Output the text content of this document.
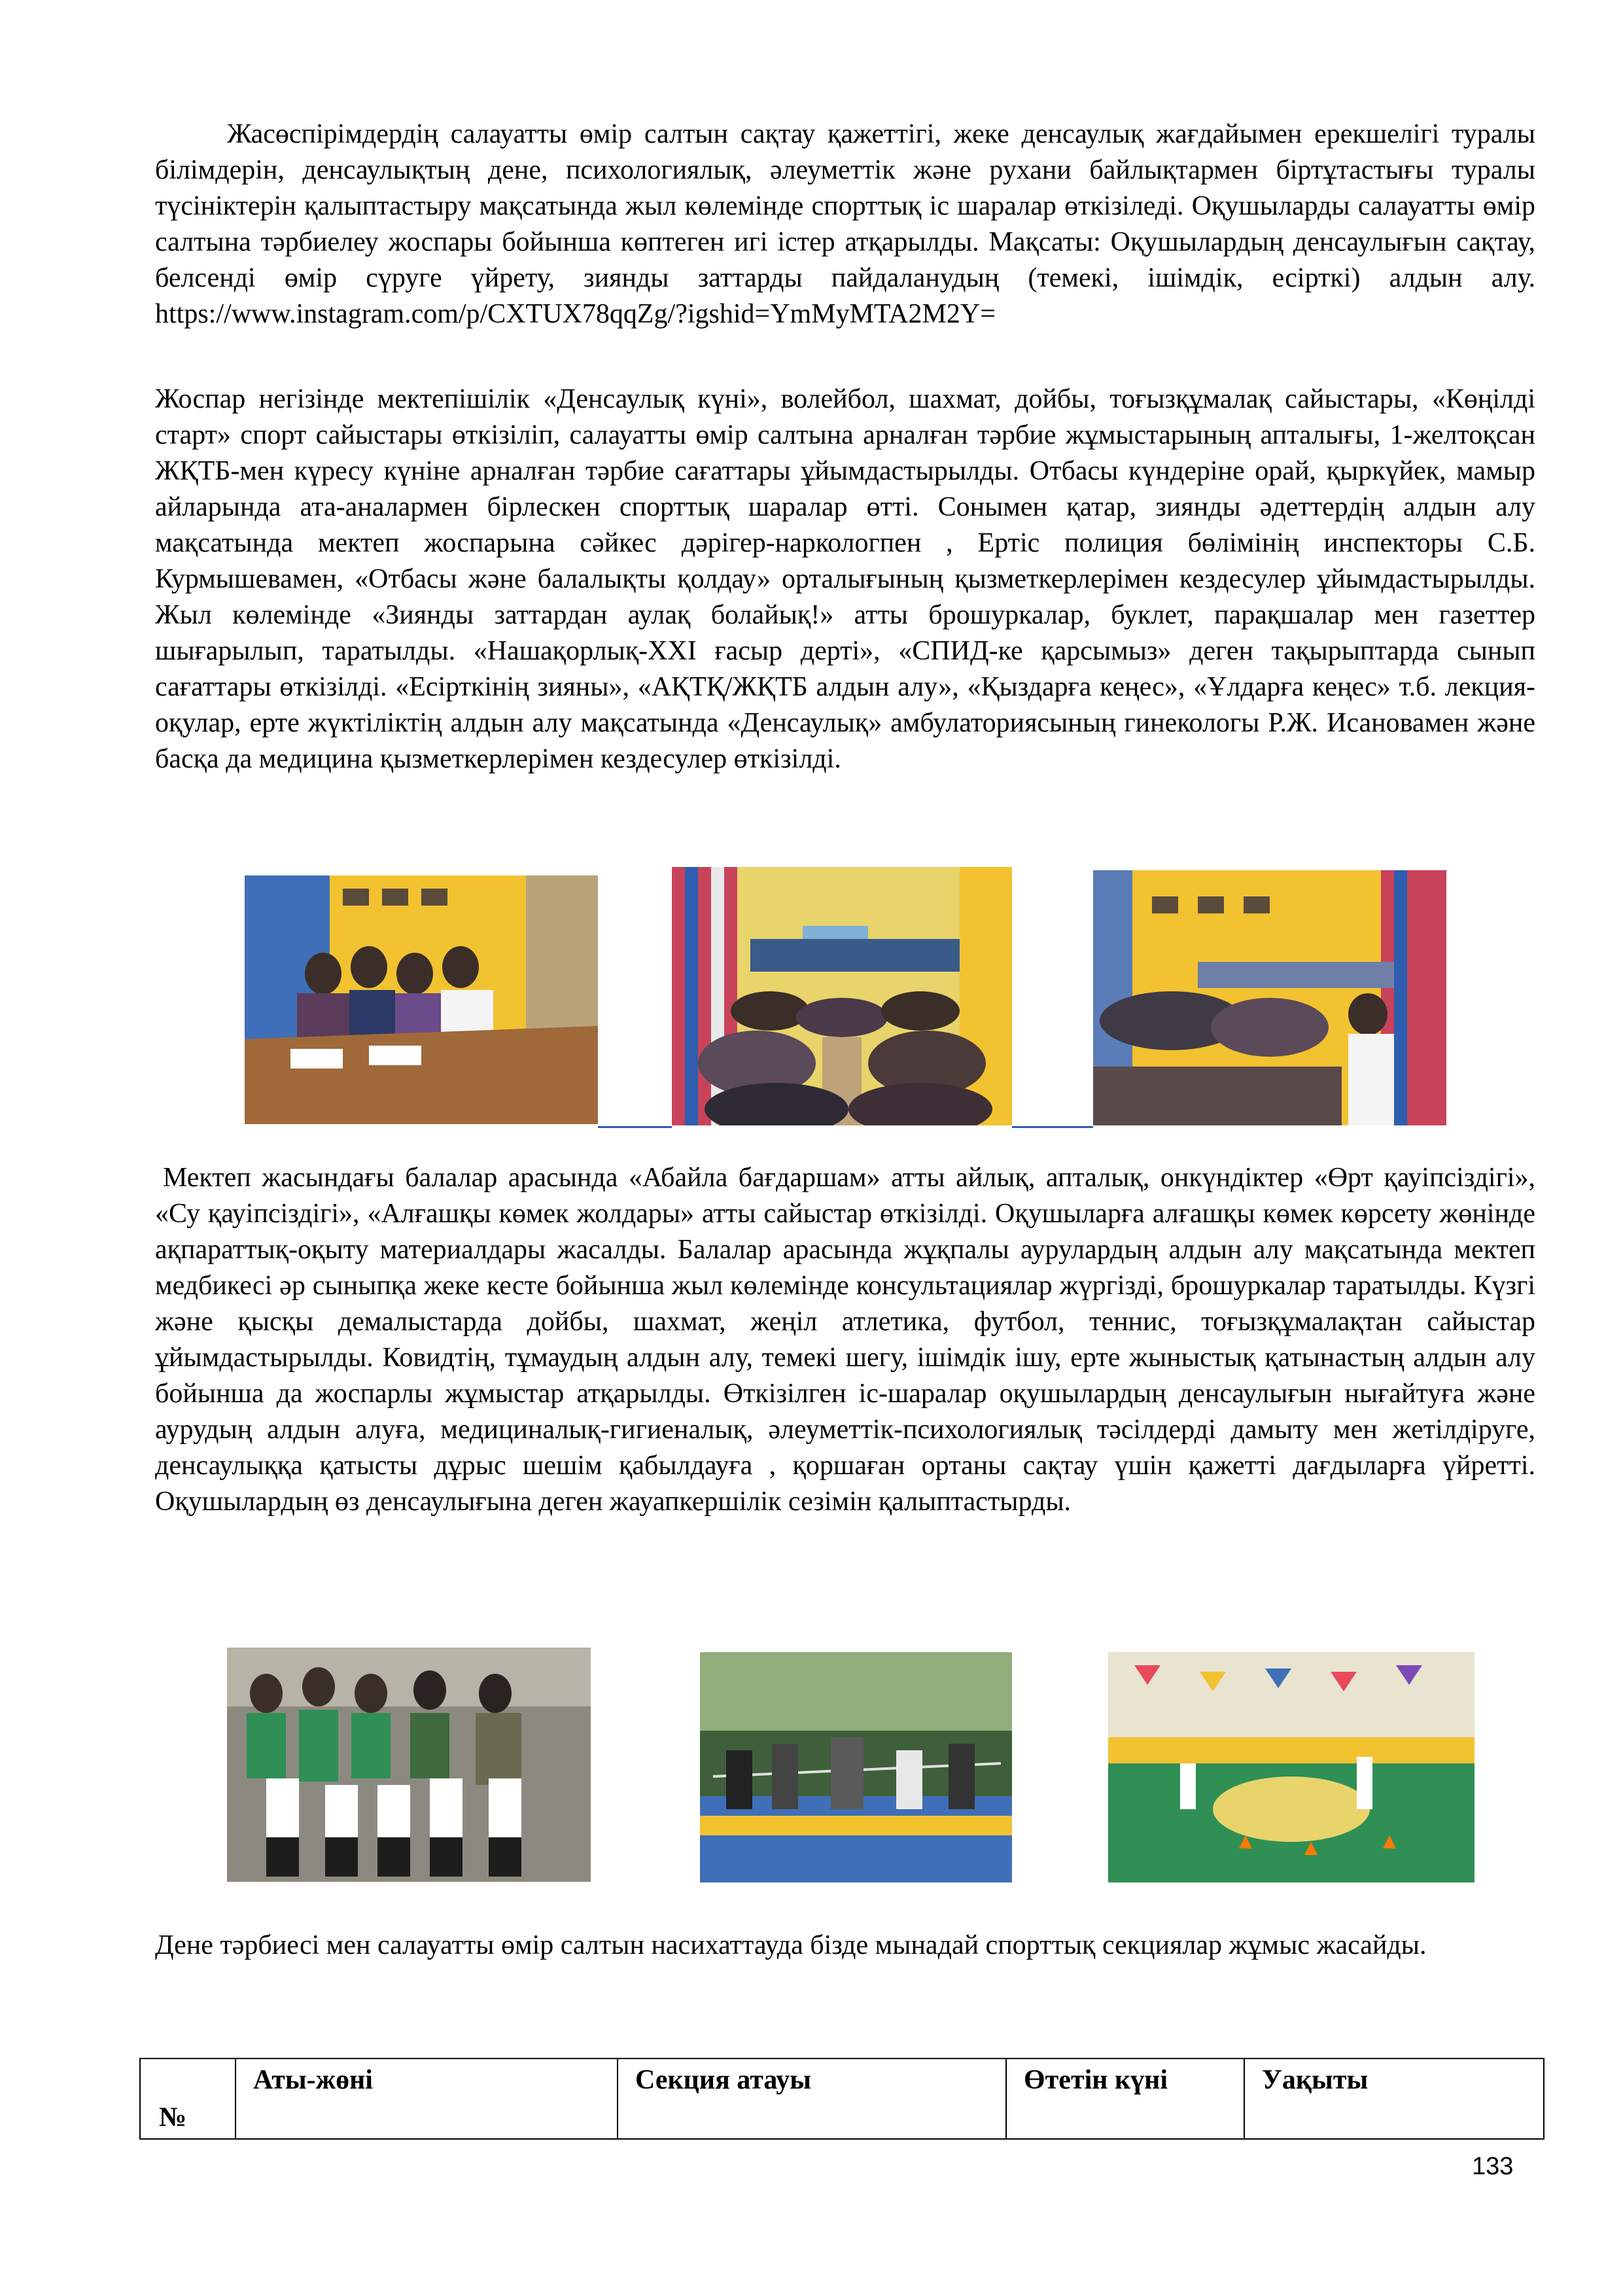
Жасөспірімдердің салауатты өмір салтын сақтау қажеттігі, жеке денсаулық жағдайымен ерекшелігі туралы білімдерін, денсаулықтың дене, психологиялық, әлеуметтік және рухани байлықтармен біртұтастығы туралы түсініктерін қалыптастыру мақсатында жыл көлемінде спорттық іс шаралар өткізіледі. Оқушыларды салауатты өмір салтына тәрбиелеу жоспары бойынша көптеген игі істер атқарылды. Мақсаты: Оқушылардың денсаулығын сақтау, белсенді өмір сүруге үйрету, зиянды заттарды пайдаланудың (темекі, ішімдік, есірткі) алдын алу. https://www.instagram.com/p/CXTUX78qqZg/?igshid=YmMyMTA2M2Y=

Жоспар негізінде мектепішілік «Денсаулық күні», волейбол, шахмат, дойбы, тоғызқұмалақ сайыстары, «Көңілді старт» спорт сайыстары өткізіліп, салауатты өмір салтына арналған тәрбие жұмыстарының апталығы, 1-желтоқсан ЖҚТБ-мен күресу күніне арналған тәрбие сағаттары ұйымдастырылды. Отбасы күндеріне орай, қыркүйек, мамыр айларында ата-аналармен бірлескен спорттық шаралар өтті. Сонымен қатар, зиянды әдеттердің алдын алу мақсатында мектеп жоспарына сәйкес дәрігер-наркологпен , Ертіс полиция бөлімінің инспекторы С.Б. Курмышевамен, «Отбасы және балалықты қолдау» орталығының қызметкерлерімен кездесулер ұйымдастырылды. Жыл көлемінде «Зиянды заттардан аулақ болайық!» атты брошуркалар, буклет, парақшалар мен газеттер шығарылып, таратылды. «Нашақорлық-ХХІ ғасыр дерті», «СПИД-ке қарсымыз» деген тақырыптарда сынып сағаттары өткізілді. «Есірткінің зияны», «АҚТҚ/ЖҚТБ алдын алу», «Қыздарға кеңес», «Ұлдарға кеңес» т.б. лекция-оқулар, ерте жүктіліктің алдын алу мақсатында «Денсаулық» амбулаториясының гинекологы Р.Ж. Исановамен және басқа да медицина қызметкерлерімен кездесулер өткізілді.

Мектеп жасындағы балалар арасында «Абайла бағдаршам» атты айлық, апталық, онкүндіктер «Өрт қауіпсіздігі», «Су қауіпсіздігі», «Алғашқы көмек жолдары» атты сайыстар өткізілді. Оқушыларға алғашқы көмек көрсету жөнінде ақпараттық-оқыту материалдары жасалды. Балалар арасында жұқпалы аурулардың алдын алу мақсатында мектеп медбикесі әр сыныпқа жеке кесте бойынша жыл көлемінде консультациялар жүргізді, брошуркалар таратылды. Күзгі және қысқы демалыстарда дойбы, шахмат, жеңіл атлетика, футбол, теннис, тоғызқұмалақтан сайыстар ұйымдастырылды. Ковидтің, тұмаудың алдын алу, темекі шегу, ішімдік ішу, ерте жыныстық қатынастың алдын алу бойынша да жоспарлы жұмыстар атқарылды. Өткізілген іс-шаралар оқушылардың денсаулығын нығайтуға және аурудың алдын алуға, медициналық-гигиеналық, әлеуметтік-психологиялық тәсілдерді дамыту мен жетілдіруге, денсаулыққа қатысты дұрыс шешім қабылдауға , қоршаған ортаны сақтау үшін қажетті дағдыларға үйретті. Оқушылардың өз денсаулығына деген жауапкершілік сезімін қалыптастырды.

Дене тәрбиесі мен салауатты өмір салтын насихаттауда бізде мынадай спорттық секциялар жұмыс жасайды.

№	Аты-жөні	Секция атауы	Өтетін күні	Уақыты
133
